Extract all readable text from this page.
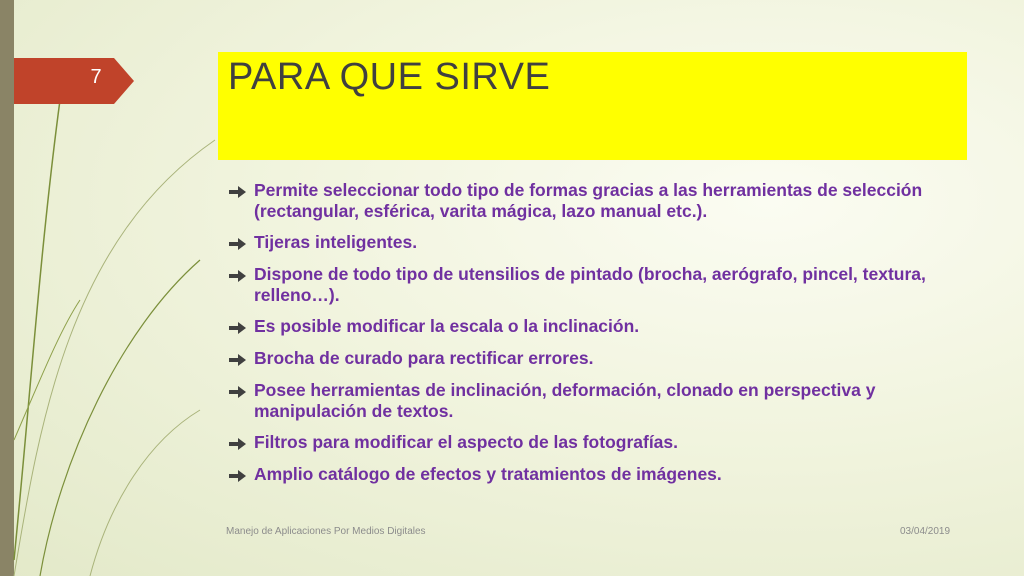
7	PARA QUE SIRVE
Permite seleccionar todo tipo de formas gracias a las herramientas de selección (rectangular, esférica, varita mágica, lazo manual etc.).
Tijeras inteligentes.
Dispone de todo tipo de utensilios de pintado (brocha, aerógrafo, pincel, textura, relleno…).
Es posible modificar la escala o la inclinación.
Brocha de curado para rectificar errores.
Posee herramientas de inclinación, deformación, clonado en perspectiva y manipulación de textos.
Filtros para modificar el aspecto de las fotografías.
Amplio catálogo de efectos y tratamientos de imágenes.
Manejo de Aplicaciones Por Medios Digitales	03/04/2019
